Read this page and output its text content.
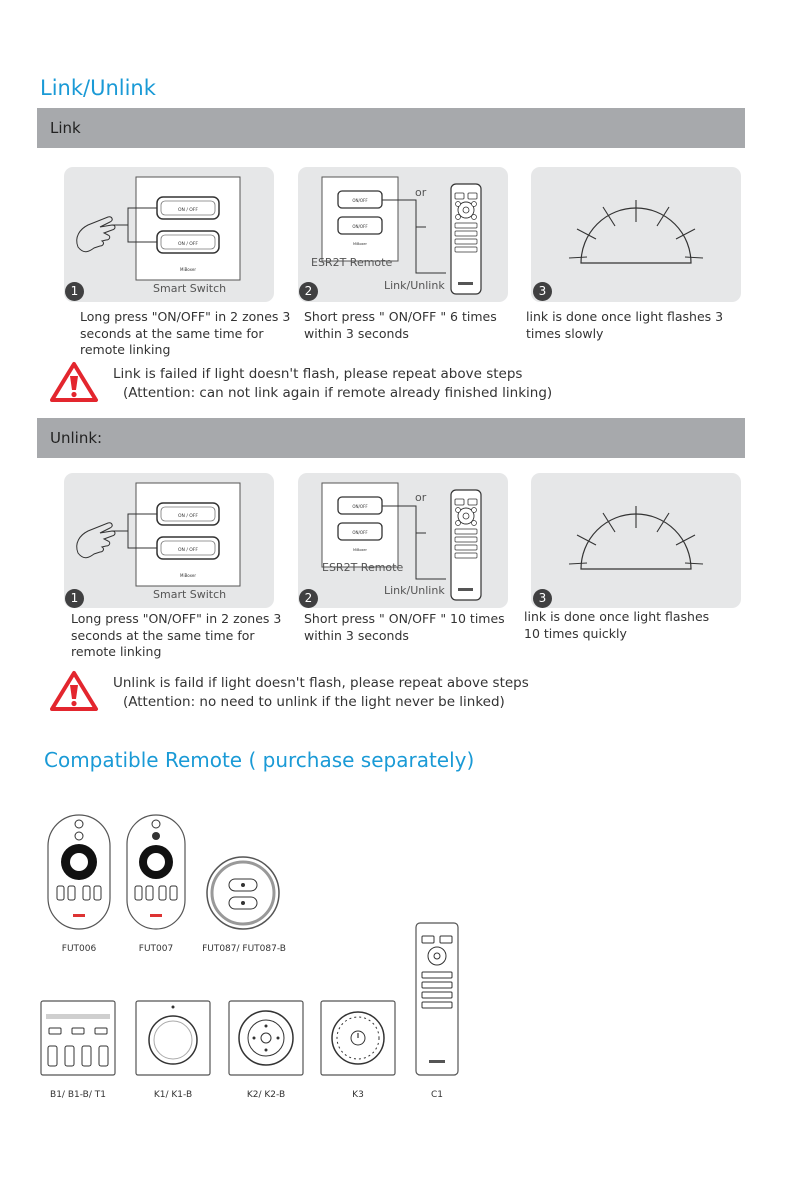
Link/Unlink
Link
ON / OFF
ON / OFF
MiBoxer
Smart Switch
1
ON/OFF
ON/OFF
MiBoxer
or
ESR2T Remote
Link/Unlink
2	3
Long press "ON/OFF" in 2 zones 3
seconds at the same time for
remote linking
Short press " ON/OFF " 6 times
within 3 seconds
link is done once light flashes 3
times slowly
Link is failed if light doesn't flash, please repeat above steps
(Attention: can not link again if remote already finished linking)
Unlink:
ON / OFF
ON / OFF
MiBoxer
Smart Switch
1
ON/OFF
ON/OFF
MiBoxer
or
ESR2T Remote
Link/Unlink
2	3
Long press "ON/OFF" in 2 zones 3
seconds at the same time for
remote linking
Short press " ON/OFF " 10 times
within 3 seconds
link is done once light flashes
10 times quickly
Unlink is faild if light doesn't flash, please repeat above steps
(Attention: no need to unlink if the light never be linked)
Compatible Remote ( purchase separately)
FUT006	FUT007	FUT087/ FUT087-B
C1
B1/ B1-B/ T1	K1/ K1-B	K2/ K2-B	K3
